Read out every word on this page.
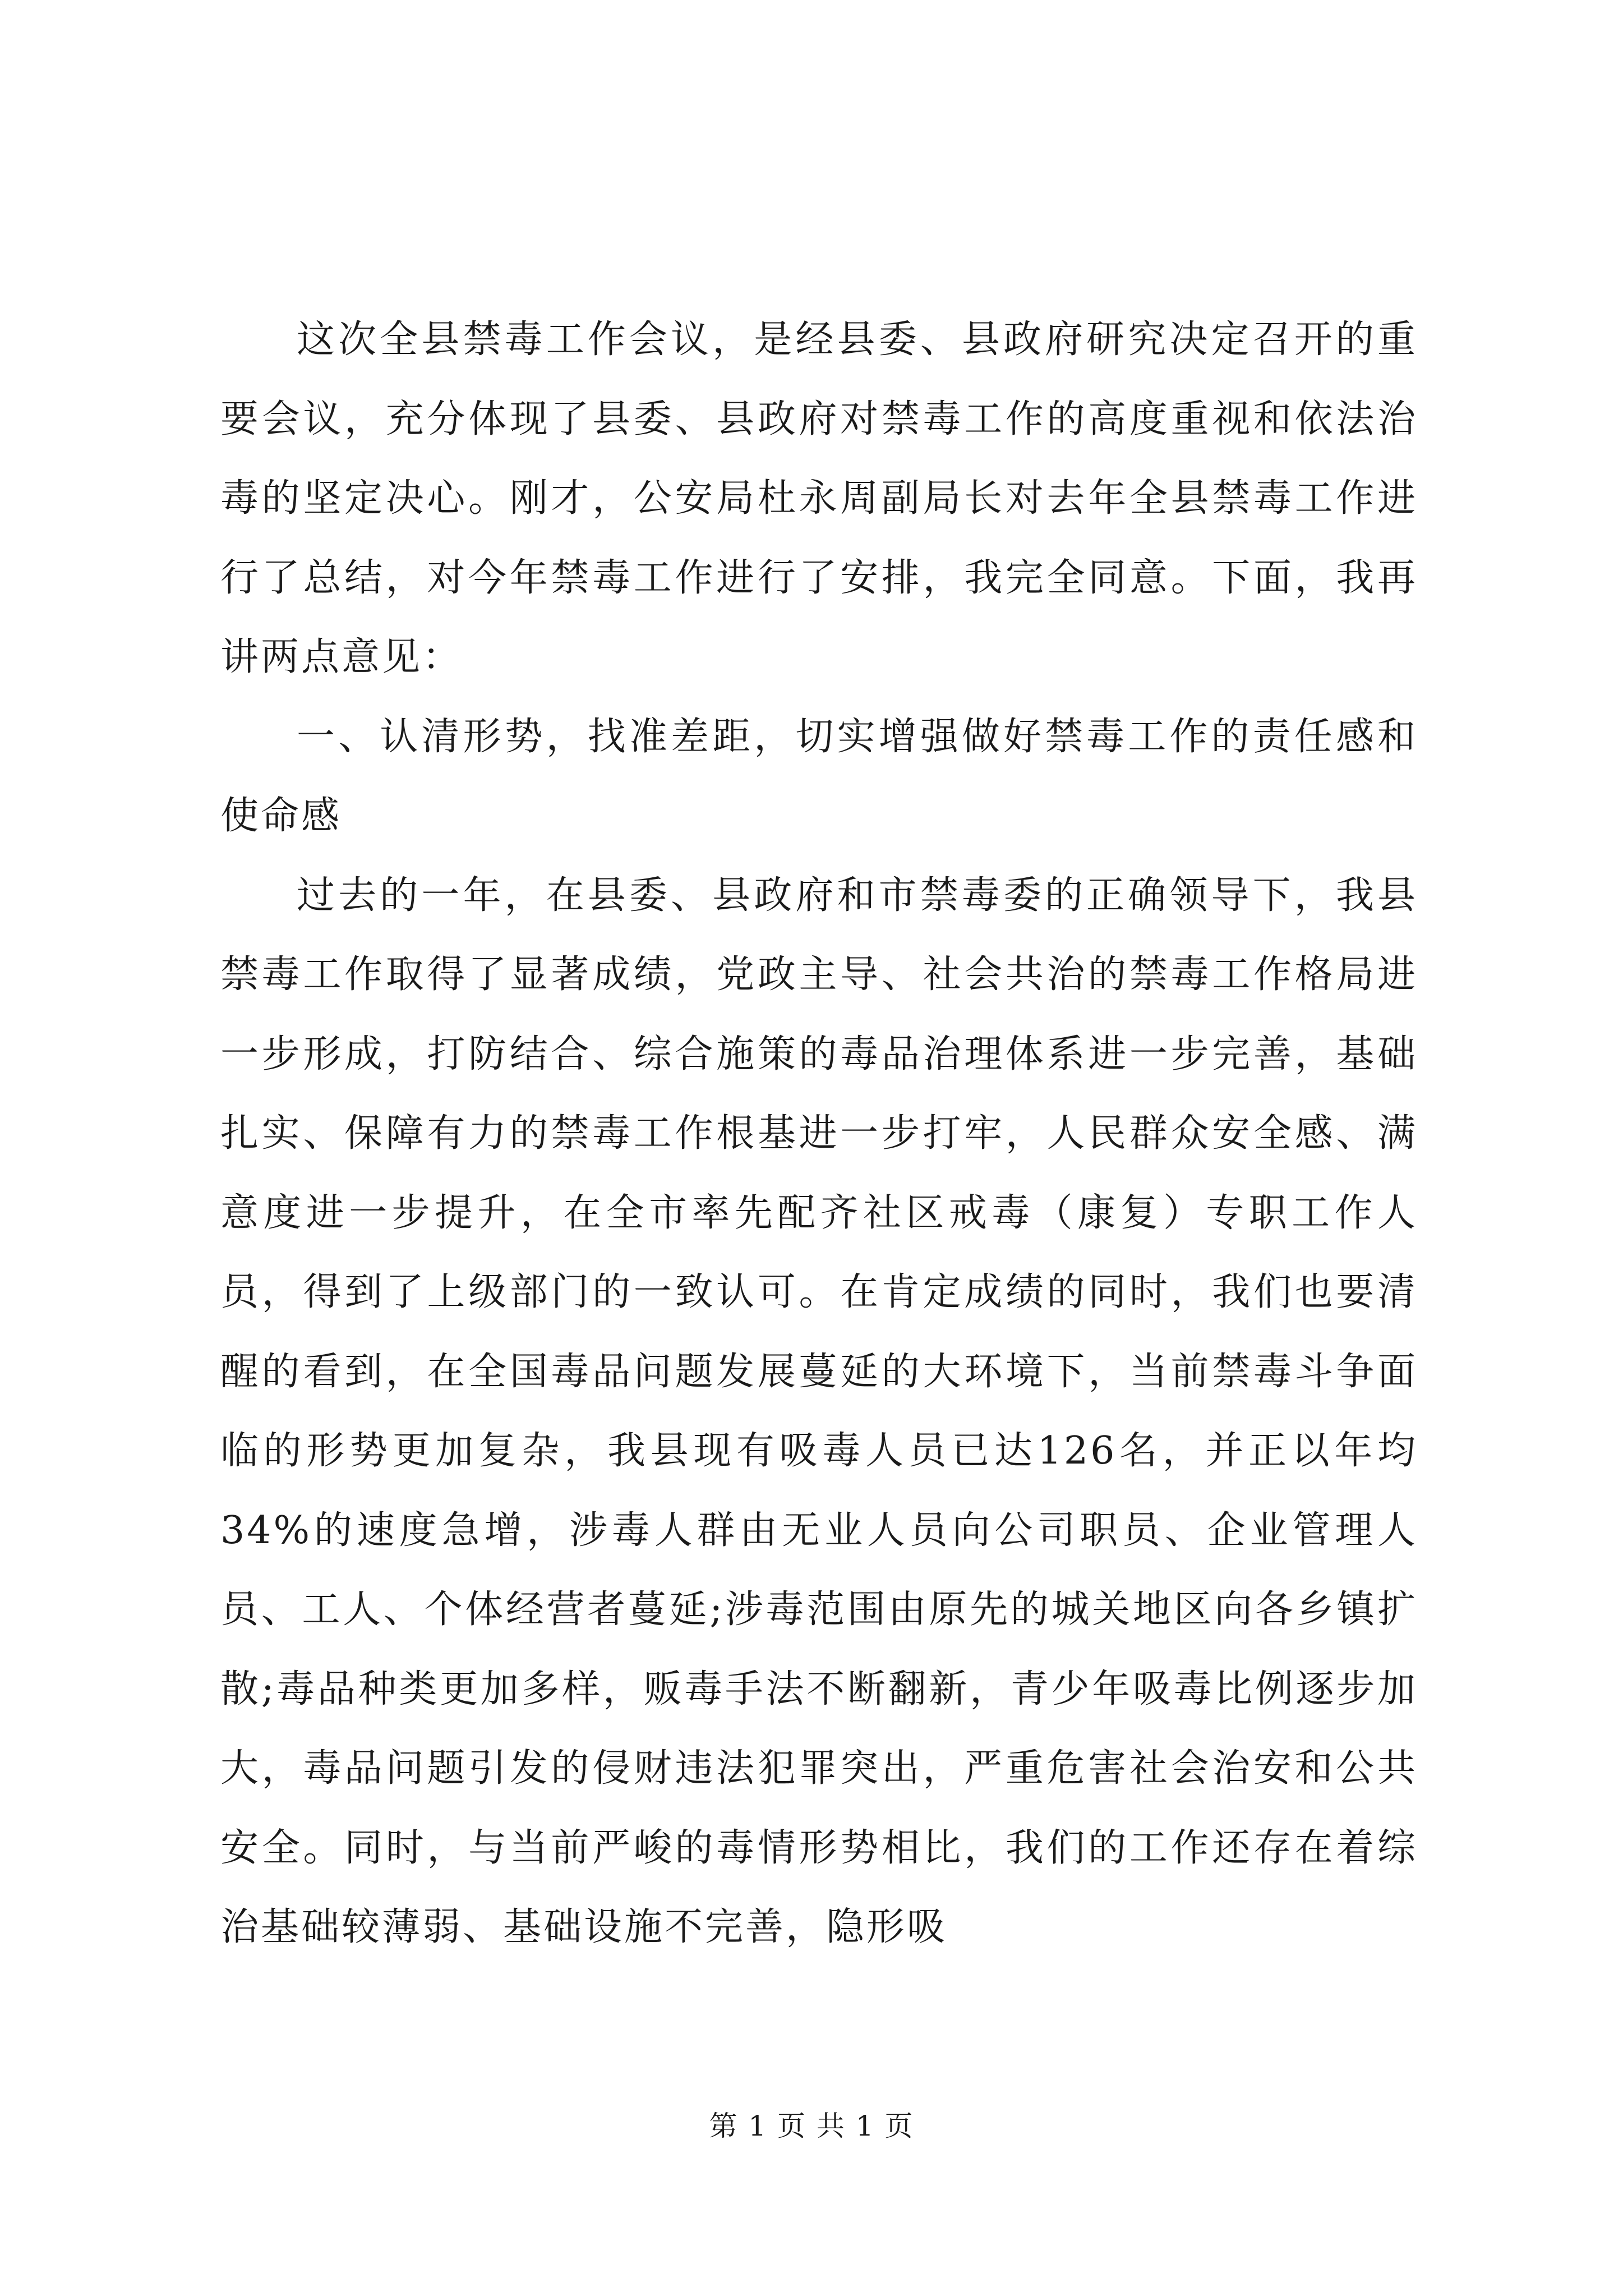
这次全县禁毒工作会议，是经县委、县政府研究决定召开的重要会议，充分体现了县委、县政府对禁毒工作的高度重视和依法治毒的坚定决心。刚才，公安局杜永周副局长对去年全县禁毒工作进行了总结，对今年禁毒工作进行了安排，我完全同意。下面，我再讲两点意见：

一、认清形势，找准差距，切实增强做好禁毒工作的责任感和使命感

过去的一年，在县委、县政府和市禁毒委的正确领导下，我县禁毒工作取得了显著成绩，党政主导、社会共治的禁毒工作格局进一步形成，打防结合、综合施策的毒品治理体系进一步完善，基础扎实、保障有力的禁毒工作根基进一步打牢，人民群众安全感、满意度进一步提升，在全市率先配齐社区戒毒（康复）专职工作人员，得到了上级部门的一致认可。在肯定成绩的同时，我们也要清醒的看到，在全国毒品问题发展蔓延的大环境下，当前禁毒斗争面临的形势更加复杂，我县现有吸毒人员已达126名，并正以年均34%的速度急增，涉毒人群由无业人员向公司职员、企业管理人员、工人、个体经营者蔓延;涉毒范围由原先的城关地区向各乡镇扩散;毒品种类更加多样，贩毒手法不断翻新，青少年吸毒比例逐步加大，毒品问题引发的侵财违法犯罪突出，严重危害社会治安和公共安全。同时，与当前严峻的毒情形势相比，我们的工作还存在着综治基础较薄弱、基础设施不完善，隐形吸

第 1 页 共 1 页
